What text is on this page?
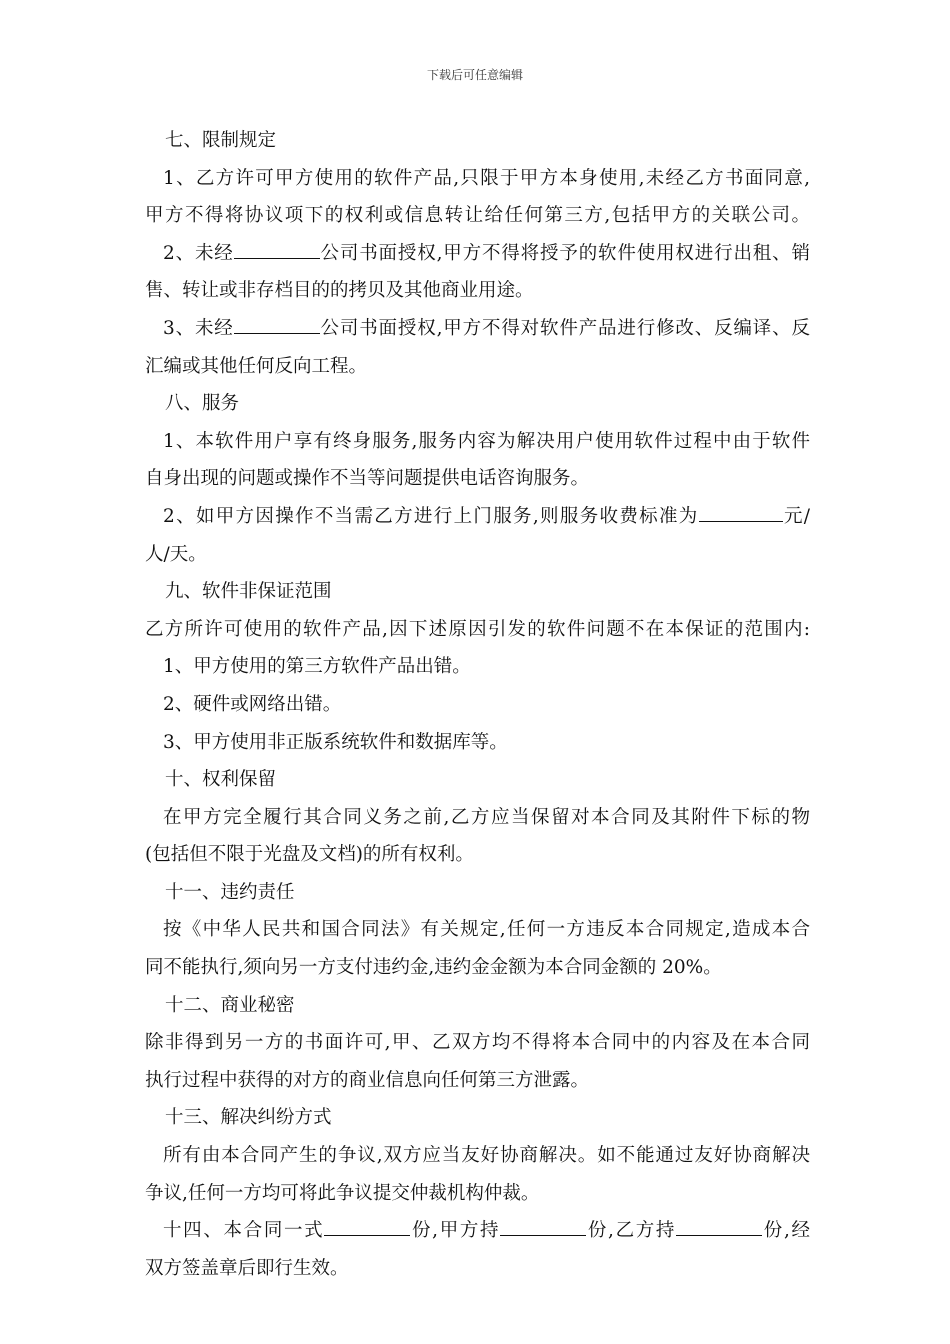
下载后可任意编辑
七、限制规定
1、乙方许可甲方使用的软件产品,只限于甲方本身使用,未经乙方书面同意,
甲方不得将协议项下的权利或信息转让给任何第三方,包括甲方的关联公司。
2、未经	公司书面授权,甲方不得将授予的软件使用权进行出租、销
售、转让或非存档目的的拷贝及其他商业用途。
3、未经	公司书面授权,甲方不得对软件产品进行修改、反编译、反
汇编或其他任何反向工程。
八、服务
1、本软件用户享有终身服务,服务内容为解决用户使用软件过程中由于软件
自身出现的问题或操作不当等问题提供电话咨询服务。
2、如甲方因操作不当需乙方进行上门服务,则服务收费标准为	元/
人/天。
九、软件非保证范围
乙方所许可使用的软件产品,因下述原因引发的软件问题不在本保证的范围内:
1、甲方使用的第三方软件产品出错。
2、硬件或网络出错。
3、甲方使用非正版系统软件和数据库等。
十、权利保留
在甲方完全履行其合同义务之前,乙方应当保留对本合同及其附件下标的物
(包括但不限于光盘及文档)的所有权利。
十一、违约责任
按《中华人民共和国合同法》有关规定,任何一方违反本合同规定,造成本合
同不能执行,须向另一方支付违约金,违约金金额为本合同金额的 20%。
十二、商业秘密
除非得到另一方的书面许可,甲、乙双方均不得将本合同中的内容及在本合同
执行过程中获得的对方的商业信息向任何第三方泄露。
十三、解决纠纷方式
所有由本合同产生的争议,双方应当友好协商解决。如不能通过友好协商解决
争议,任何一方均可将此争议提交仲裁机构仲裁。
十四、本合同一式	份,甲方持	份,乙方持	份,经
双方签盖章后即行生效。
